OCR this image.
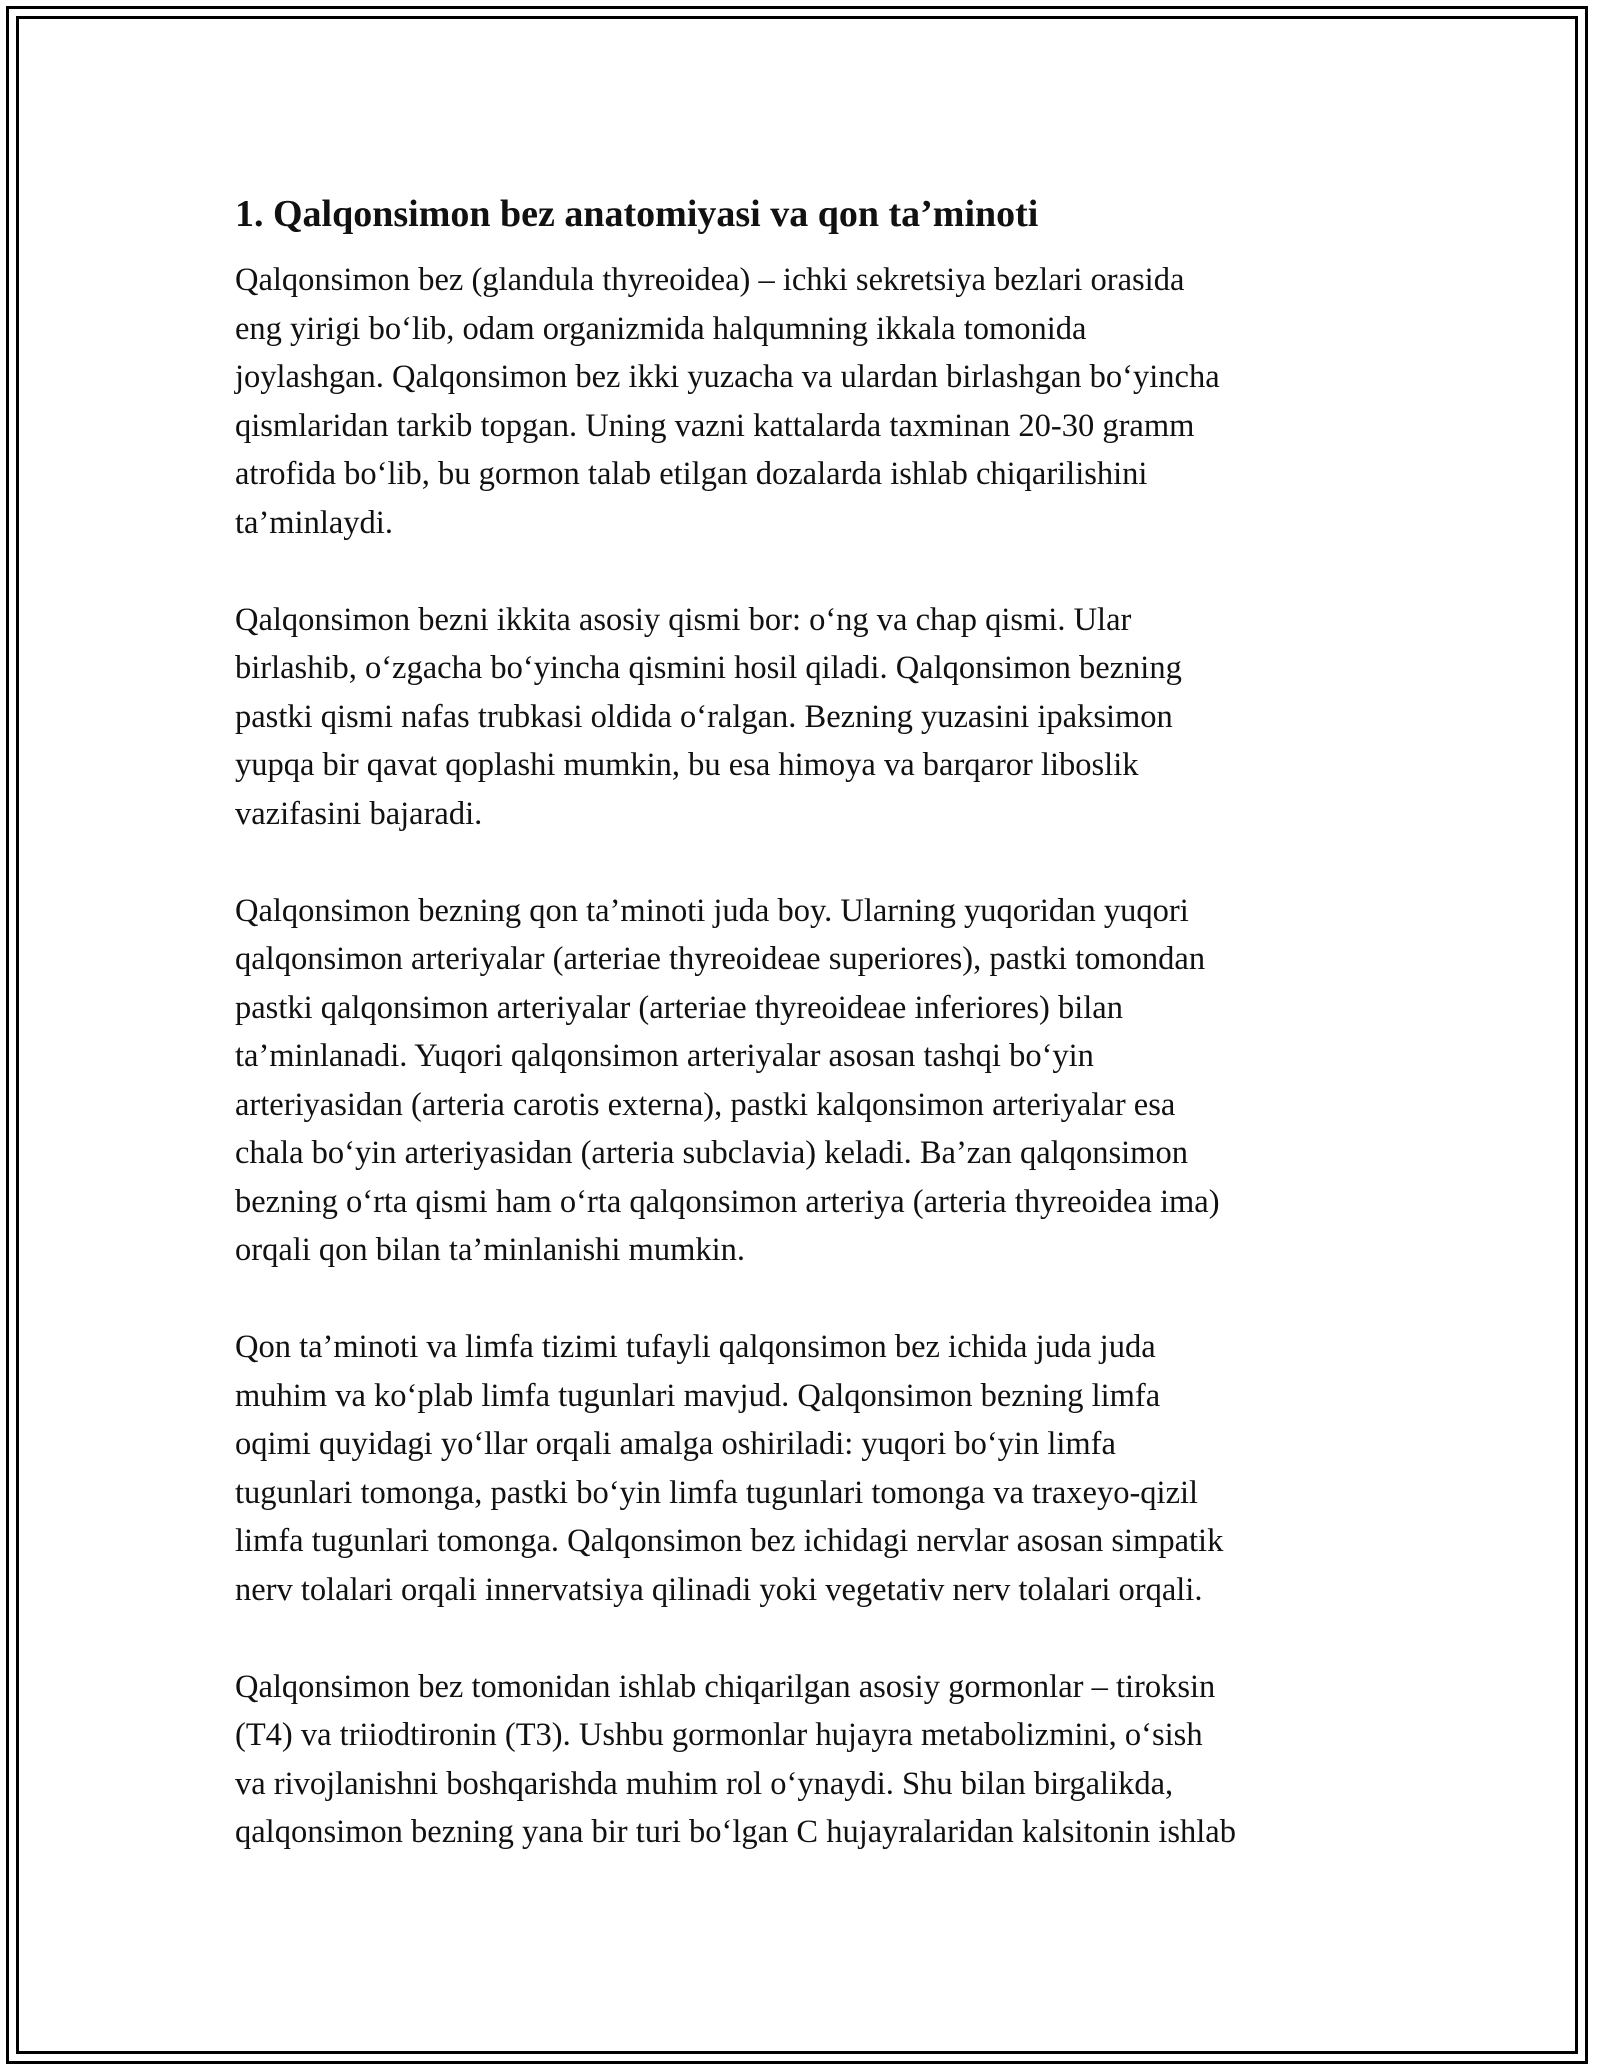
1. Qalqonsimon bez anatomiyasi va qon ta’minoti

Qalqonsimon bez (glandula thyreoidea) – ichki sekretsiya bezlari orasida
eng yirigi bo‘lib, odam organizmida halqumning ikkala tomonida
joylashgan. Qalqonsimon bez ikki yuzacha va ulardan birlashgan bo‘yincha
qismlaridan tarkib topgan. Uning vazni kattalarda taxminan 20-30 gramm
atrofida bo‘lib, bu gormon talab etilgan dozalarda ishlab chiqarilishini
ta’minlaydi.

Qalqonsimon bezni ikkita asosiy qismi bor: o‘ng va chap qismi. Ular
birlashib, o‘zgacha bo‘yincha qismini hosil qiladi. Qalqonsimon bezning
pastki qismi nafas trubkasi oldida o‘ralgan. Bezning yuzasini ipaksimon
yupqa bir qavat qoplashi mumkin, bu esa himoya va barqaror liboslik
vazifasini bajaradi.

Qalqonsimon bezning qon ta’minoti juda boy. Ularning yuqoridan yuqori
qalqonsimon arteriyalar (arteriae thyreoideae superiores), pastki tomondan
pastki qalqonsimon arteriyalar (arteriae thyreoideae inferiores) bilan
ta’minlanadi. Yuqori qalqonsimon arteriyalar asosan tashqi bo‘yin
arteriyasidan (arteria carotis externa), pastki kalqonsimon arteriyalar esa
chala bo‘yin arteriyasidan (arteria subclavia) keladi. Ba’zan qalqonsimon
bezning o‘rta qismi ham o‘rta qalqonsimon arteriya (arteria thyreoidea ima)
orqali qon bilan ta’minlanishi mumkin.

Qon ta’minoti va limfa tizimi tufayli qalqonsimon bez ichida juda juda
muhim va ko‘plab limfa tugunlari mavjud. Qalqonsimon bezning limfa
oqimi quyidagi yo‘llar orqali amalga oshiriladi: yuqori bo‘yin limfa
tugunlari tomonga, pastki bo‘yin limfa tugunlari tomonga va traxeyo-qizil
limfa tugunlari tomonga. Qalqonsimon bez ichidagi nervlar asosan simpatik
nerv tolalari orqali innervatsiya qilinadi yoki vegetativ nerv tolalari orqali.

Qalqonsimon bez tomonidan ishlab chiqarilgan asosiy gormonlar – tiroksin
(T4) va triiodtironin (T3). Ushbu gormonlar hujayra metabolizmini, o‘sish
va rivojlanishni boshqarishda muhim rol o‘ynaydi. Shu bilan birgalikda,
qalqonsimon bezning yana bir turi bo‘lgan C hujayralaridan kalsitonin ishlab
